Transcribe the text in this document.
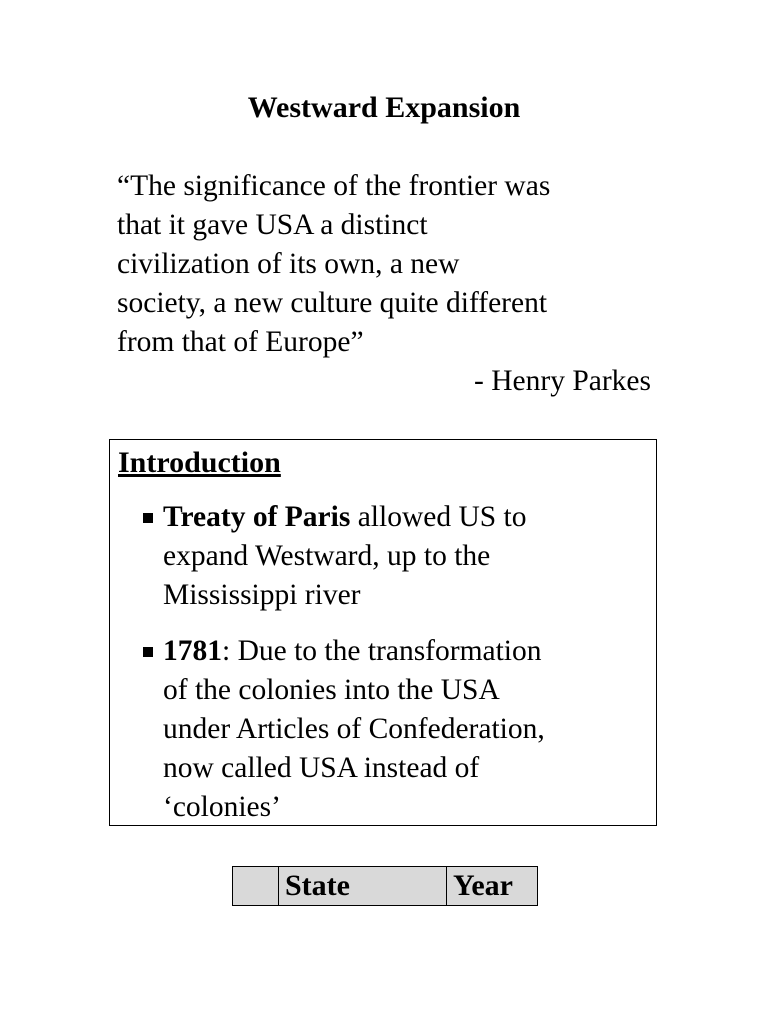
Westward Expansion
“The significance of the frontier was
that it gave USA a distinct
civilization of its own, a new
society, a new culture quite different
from that of Europe”
- Henry Parkes
Introduction
Treaty of Paris allowed US to
expand Westward, up to the
Mississippi river
1781: Due to the transformation
of the colonies into the USA
under Articles of Confederation,
now called USA instead of
‘colonies’
	State	Year
